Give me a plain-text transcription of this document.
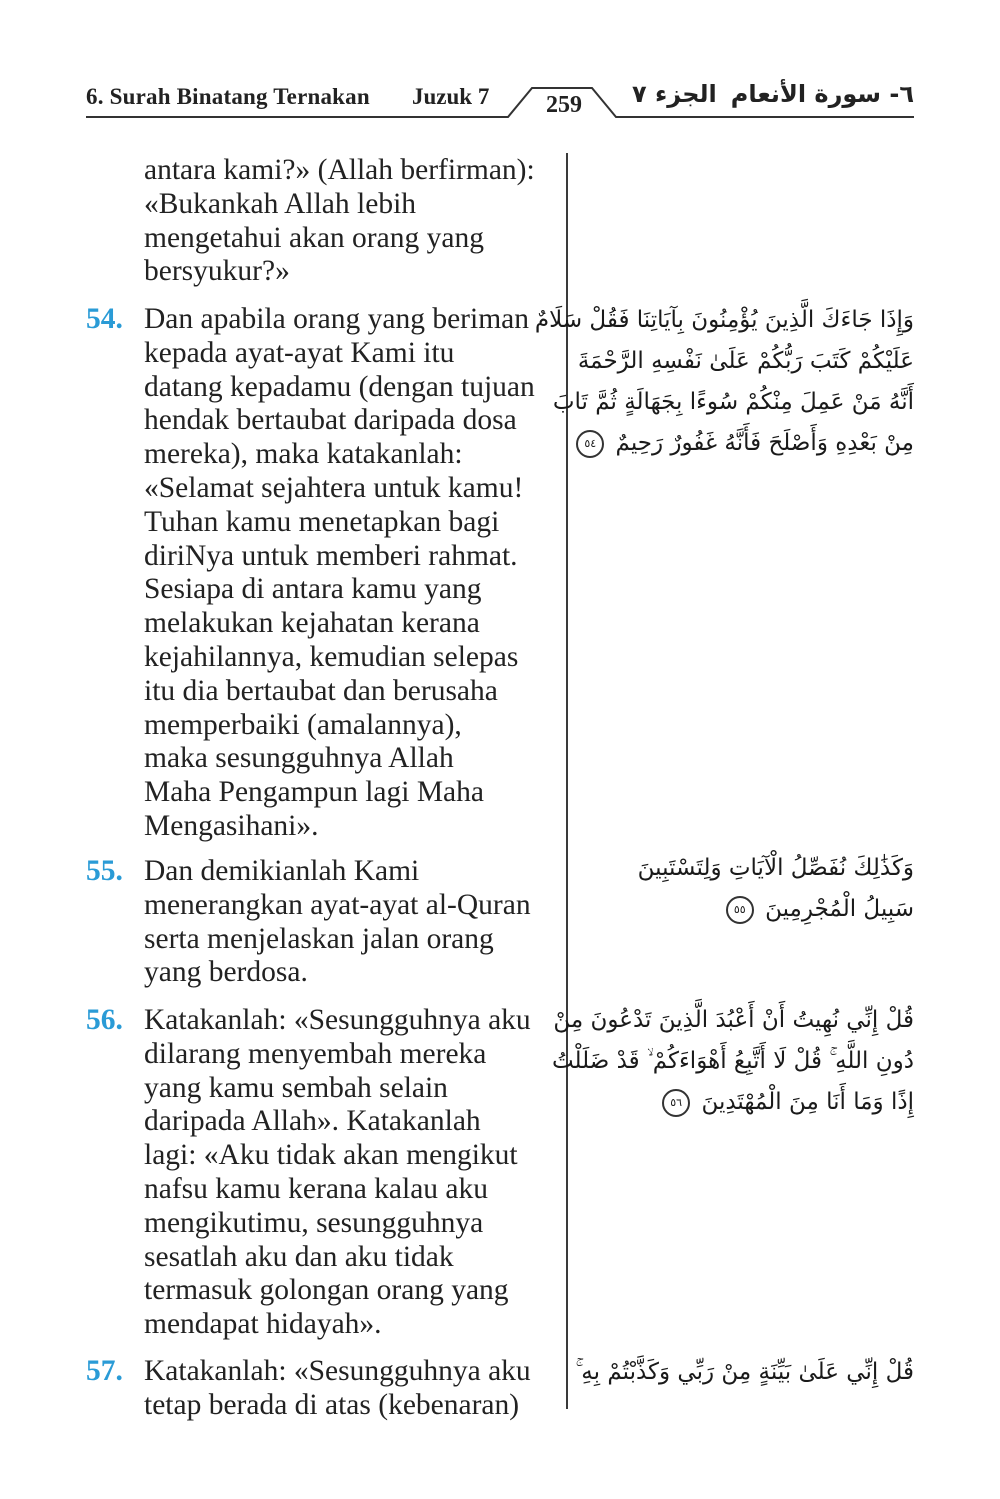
6. Surah Binatang Ternakan Juzuk 7	259	الجزء ٧ ٦- سورة الأنعام
antara kami?» (Allah berfirman):
«Bukankah Allah lebih
mengetahui akan orang yang
bersyukur?»
54. Dan apabila orang yang beriman
kepada ayat-ayat Kami itu
datang kepadamu (dengan tujuan
hendak bertaubat daripada dosa
mereka), maka katakanlah:
«Selamat sejahtera untuk kamu!
Tuhan kamu menetapkan bagi
diriNya untuk memberi rahmat.
Sesiapa di antara kamu yang
melakukan kejahatan kerana
kejahilannya, kemudian selepas
itu dia bertaubat dan berusaha
memperbaiki (amalannya),
maka sesungguhnya Allah
Maha Pengampun lagi Maha
Mengasihani».
وَإِذَا جَاءَكَ الَّذِينَ يُؤْمِنُونَ بِآيَاتِنَا فَقُلْ سَلَامٌ
عَلَيْكُمْ كَتَبَ رَبُّكُمْ عَلَىٰ نَفْسِهِ الرَّحْمَةَ
أَنَّهُ مَنْ عَمِلَ مِنْكُمْ سُوءًا بِجَهَالَةٍ ثُمَّ تَابَ
مِنْ بَعْدِهِ وَأَصْلَحَ فَأَنَّهُ غَفُورٌ رَحِيمٌ ٥٤
55. Dan demikianlah Kami
menerangkan ayat-ayat al-Quran
serta menjelaskan jalan orang
yang berdosa.
وَكَذَٰلِكَ نُفَصِّلُ الْآيَاتِ وَلِتَسْتَبِينَ
سَبِيلُ الْمُجْرِمِينَ ٥٥
56. Katakanlah: «Sesungguhnya aku
dilarang menyembah mereka
yang kamu sembah selain
daripada Allah». Katakanlah
lagi: «Aku tidak akan mengikut
nafsu kamu kerana kalau aku
mengikutimu, sesungguhnya
sesatlah aku dan aku tidak
termasuk golongan orang yang
mendapat hidayah».
قُلْ إِنِّي نُهِيتُ أَنْ أَعْبُدَ الَّذِينَ تَدْعُونَ مِنْ
دُونِ اللَّهِ ۚ قُلْ لَا أَتَّبِعُ أَهْوَاءَكُمْ ۙ قَدْ ضَلَلْتُ
إِذًا وَمَا أَنَا مِنَ الْمُهْتَدِينَ ٥٦
57. Katakanlah: «Sesungguhnya aku
tetap berada di atas (kebenaran)
قُلْ إِنِّي عَلَىٰ بَيِّنَةٍ مِنْ رَبِّي وَكَذَّبْتُمْ بِهِ ۚ
